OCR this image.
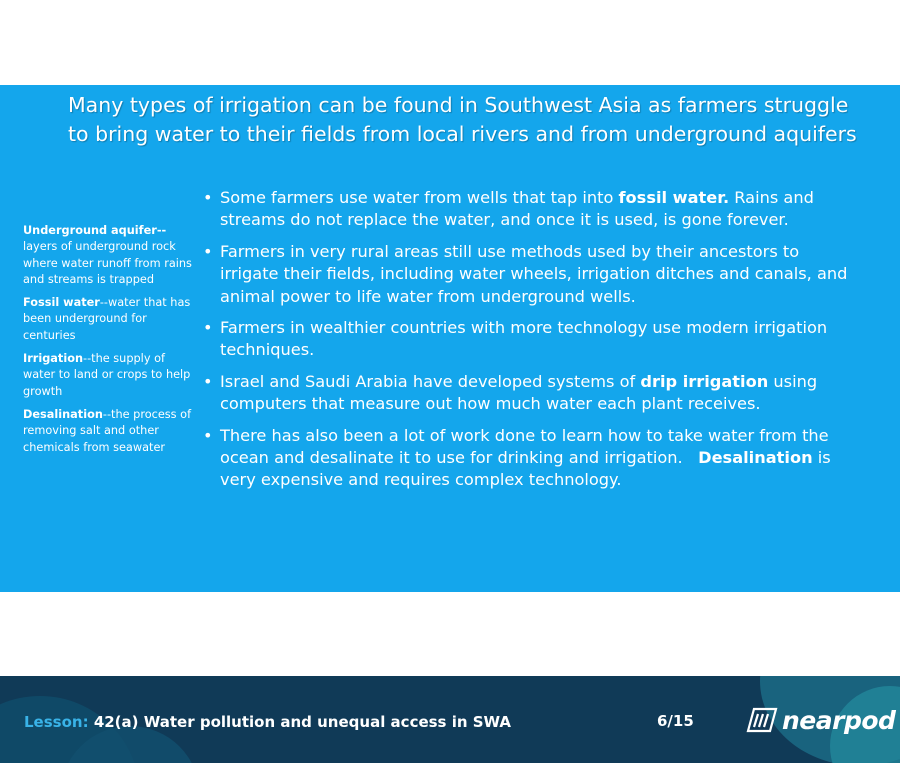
Many types of irrigation can be found in Southwest Asia as farmers struggle to bring water to their fields from local rivers and from underground aquifers
Underground aquifer--
layers of underground rock where water runoff from rains and streams is trapped
Fossil water--water that has been underground for centuries
Irrigation--the supply of water to land or crops to help growth
Desalination--the process of removing salt and other chemicals from seawater
• Some farmers use water from wells that tap into fossil water. Rains and streams do not replace the water, and once it is used, is gone forever.
• Farmers in very rural areas still use methods used by their ancestors to irrigate their fields, including water wheels, irrigation ditches and canals, and animal power to life water from underground wells.
• Farmers in wealthier countries with more technology use modern irrigation techniques.
• Israel and Saudi Arabia have developed systems of drip irrigation using computers that measure out how much water each plant receives.
• There has also been a lot of work done to learn how to take water from the ocean and desalinate it to use for drinking and irrigation.   Desalination is very expensive and requires complex technology.
Lesson: 42(a) Water pollution and unequal access in SWA	6/15	nearpod
